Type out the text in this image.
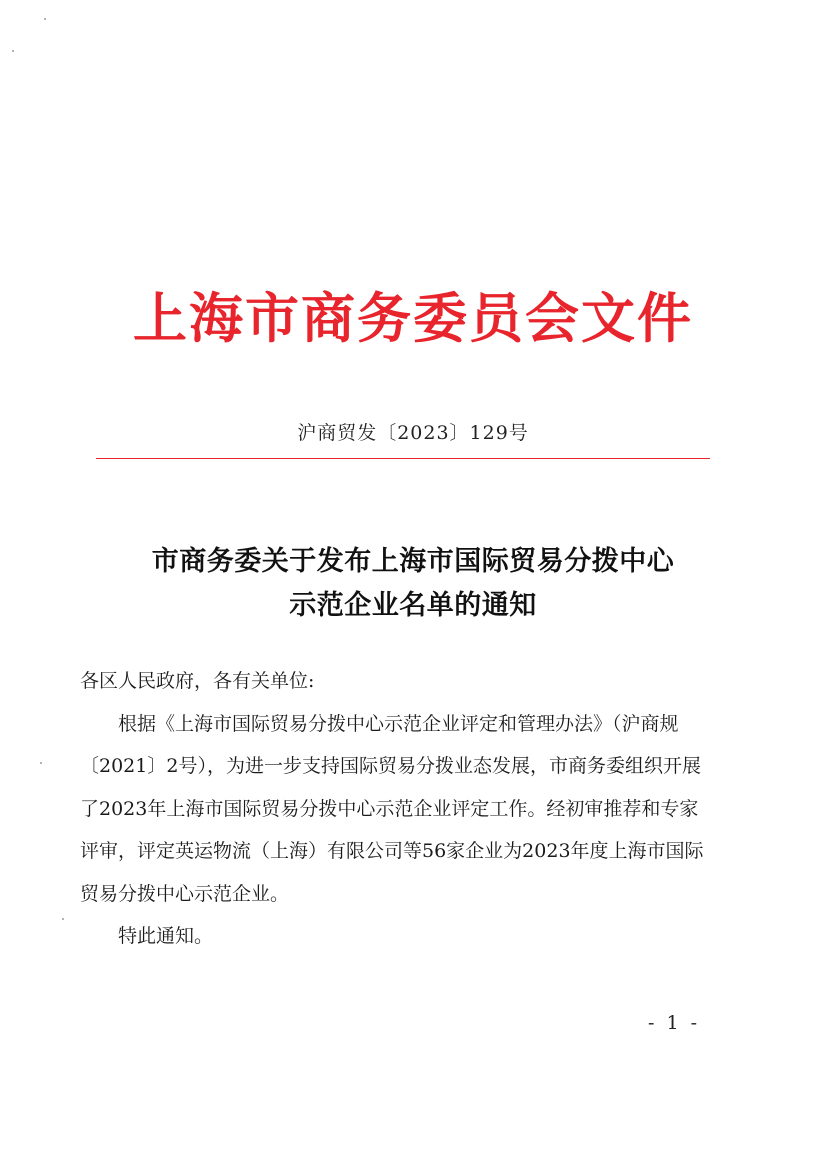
上海市商务委员会文件
沪商贸发〔2023〕129号
市商务委关于发布上海市国际贸易分拨中心
示范企业名单的通知

各区人民政府，各有关单位:

根据《上海市国际贸易分拨中心示范企业评定和管理办法》（沪商规〔2021〕2号），为进一步支持国际贸易分拨业态发展，市商务委组织开展了2023年上海市国际贸易分拨中心示范企业评定工作。经初审推荐和专家评审，评定英运物流（上海）有限公司等56家企业为2023年度上海市国际贸易分拨中心示范企业。

特此通知。

- 1 -
